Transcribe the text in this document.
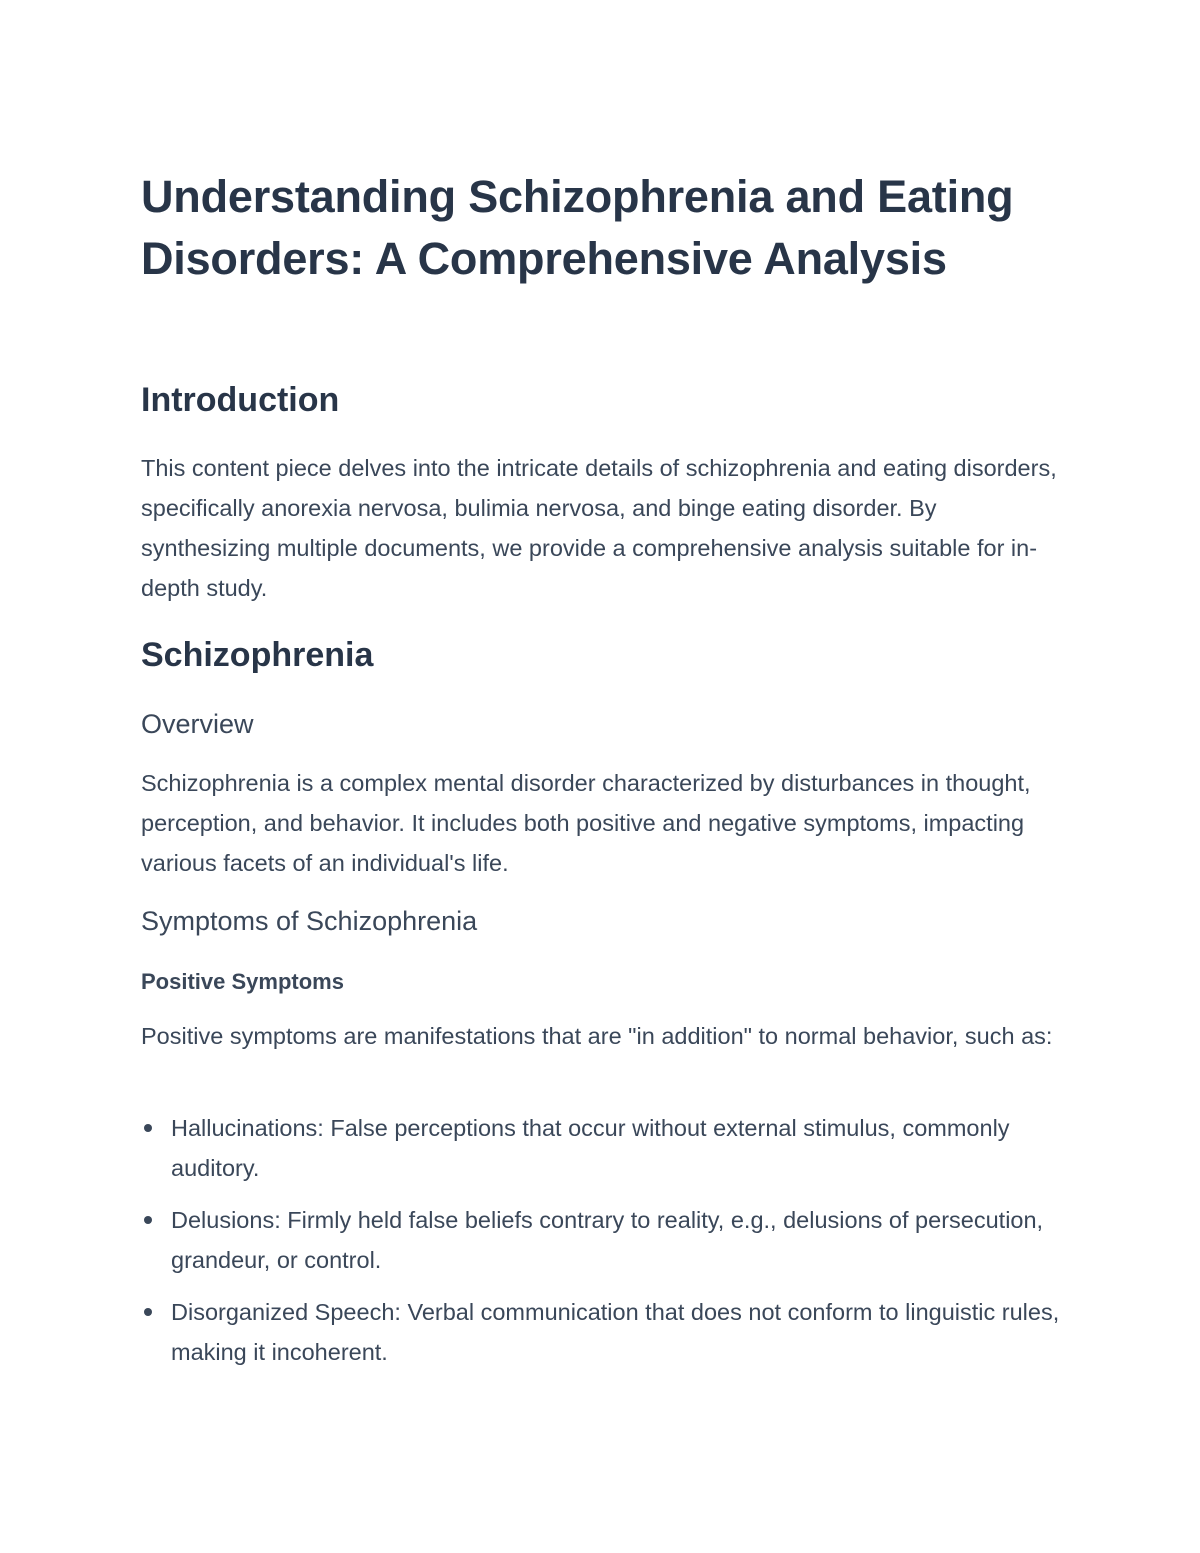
Understanding Schizophrenia and Eating Disorders: A Comprehensive Analysis
Introduction

This content piece delves into the intricate details of schizophrenia and eating disorders, specifically anorexia nervosa, bulimia nervosa, and binge eating disorder. By synthesizing multiple documents, we provide a comprehensive analysis suitable for in-depth study.

Schizophrenia
Overview

Schizophrenia is a complex mental disorder characterized by disturbances in thought, perception, and behavior. It includes both positive and negative symptoms, impacting various facets of an individual's life.

Symptoms of Schizophrenia
Positive Symptoms

Positive symptoms are manifestations that are "in addition" to normal behavior, such as:

Hallucinations: False perceptions that occur without external stimulus, commonly auditory.
Delusions: Firmly held false beliefs contrary to reality, e.g., delusions of persecution, grandeur, or control.
Disorganized Speech: Verbal communication that does not conform to linguistic rules, making it incoherent.
